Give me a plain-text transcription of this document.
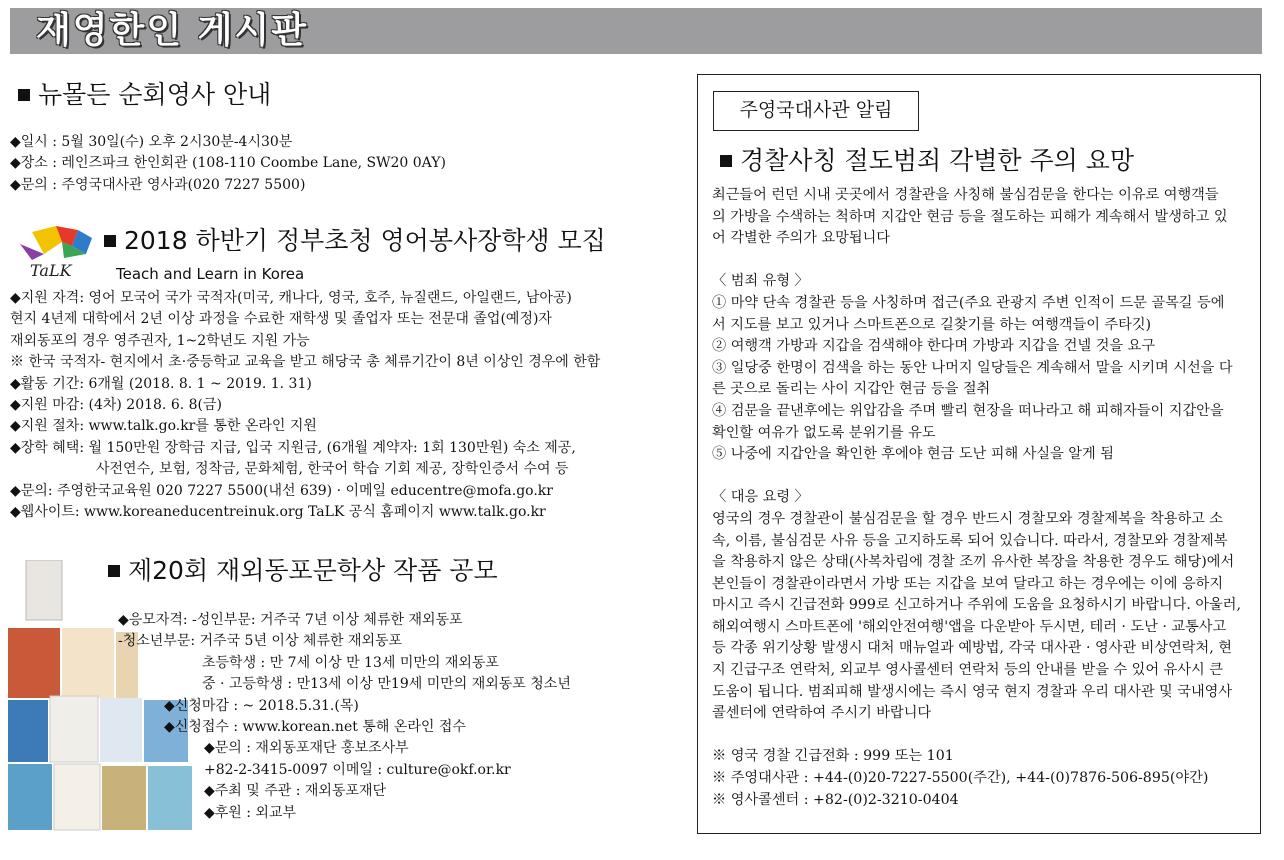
재영한인 게시판
뉴몰든 순회영사 안내
◆일시 : 5월 30일(수) 오후 2시30분-4시30분
◆장소 : 레인즈파크 한인회관 (108-110 Coombe Lane, SW20 0AY)
◆문의 : 주영국대사관 영사과(020 7227 5500)
TaLK
2018 하반기 정부초청 영어봉사장학생 모집
Teach and Learn in Korea
◆지원 자격: 영어 모국어 국가 국적자(미국, 캐나다, 영국, 호주, 뉴질랜드, 아일랜드, 남아공)
현지 4년제 대학에서 2년 이상 과정을 수료한 재학생 및 졸업자 또는 전문대 졸업(예정)자
재외동포의 경우 영주권자, 1~2학년도 지원 가능
※ 한국 국적자- 현지에서 초·중등학교 교육을 받고 해당국 총 체류기간이 8년 이상인 경우에 한함
◆활동 기간: 6개월 (2018. 8. 1 ~ 2019. 1. 31)
◆지원 마감: (4차) 2018. 6. 8(금)
◆지원 절차: www.talk.go.kr를 통한 온라인 지원
◆장학 혜택: 월 150만원 장학금 지급, 입국 지원금, (6개월 계약자: 1회 130만원) 숙소 제공,
사전연수, 보험, 정착금, 문화체험, 한국어 학습 기회 제공, 장학인증서 수여 등
◆문의: 주영한국교육원 020 7227 5500(내선 639) · 이메일 educentre@mofa.go.kr
◆웹사이트: www.koreaneducentreinuk.org TaLK 공식 홈페이지 www.talk.go.kr
제20회 재외동포문학상 작품 공모
◆응모자격: -성인부문: 거주국 7년 이상 체류한 재외동포
-청소년부문: 거주국 5년 이상 체류한 재외동포
초등학생 : 만 7세 이상 만 13세 미만의 재외동포
중 · 고등학생 : 만13세 이상 만19세 미만의 재외동포 청소년
◆신청마감 : ~ 2018.5.31.(목)
◆신청접수 : www.korean.net 통해 온라인 접수
◆문의 : 재외동포재단 홍보조사부
+82-2-3415-0097 이메일 : culture@okf.or.kr
◆주최 및 주관 : 재외동포재단
◆후원 : 외교부
주영국대사관 알림
경찰사칭 절도범죄 각별한 주의 요망
최근들어 런던 시내 곳곳에서 경찰관을 사칭해 불심검문을 한다는 이유로 여행객들
의 가방을 수색하는 척하며 지갑안 현금 등을 절도하는 피해가 계속해서 발생하고 있
어 각별한 주의가 요망됩니다

〈 범죄 유형 〉
① 마약 단속 경찰관 등을 사칭하며 접근(주요 관광지 주변 인적이 드문 골목길 등에
서 지도를 보고 있거나 스마트폰으로 길찾기를 하는 여행객들이 주타깃)
② 여행객 가방과 지갑을 검색해야 한다며 가방과 지갑을 건넬 것을 요구
③ 일당중 한명이 검색을 하는 동안 나머지 일당들은 계속해서 말을 시키며 시선을 다
른 곳으로 돌리는 사이 지갑안 현금 등을 절취
④ 검문을 끝낸후에는 위압감을 주며 빨리 현장을 떠나라고 해 피해자들이 지갑안을
확인할 여유가 없도록 분위기를 유도
⑤ 나중에 지갑안을 확인한 후에야 현금 도난 피해 사실을 알게 됨

〈 대응 요령 〉
영국의 경우 경찰관이 불심검문을 할 경우 반드시 경찰모와 경찰제복을 착용하고 소
속, 이름, 불심검문 사유 등을 고지하도록 되어 있습니다. 따라서, 경찰모와 경찰제복
을 착용하지 않은 상태(사복차림에 경찰 조끼 유사한 복장을 착용한 경우도 해당)에서
본인들이 경찰관이라면서 가방 또는 지갑을 보여 달라고 하는 경우에는 이에 응하지
마시고 즉시 긴급전화 999로 신고하거나 주위에 도움을 요청하시기 바랍니다. 아울러,
해외여행시 스마트폰에 '해외안전여행'앱을 다운받아 두시면, 테러 · 도난 · 교통사고
등 각종 위기상황 발생시 대처 매뉴얼과 예방법, 각국 대사관 · 영사관 비상연락처, 현
지 긴급구조 연락처, 외교부 영사콜센터 연락처 등의 안내를 받을 수 있어 유사시 큰
도움이 됩니다. 범죄피해 발생시에는 즉시 영국 현지 경찰과 우리 대사관 및 국내영사
콜센터에 연락하여 주시기 바랍니다

※ 영국 경찰 긴급전화 : 999 또는 101
※ 주영대사관 : +44-(0)20-7227-5500(주간), +44-(0)7876-506-895(야간)
※ 영사콜센터 : +82-(0)2-3210-0404
